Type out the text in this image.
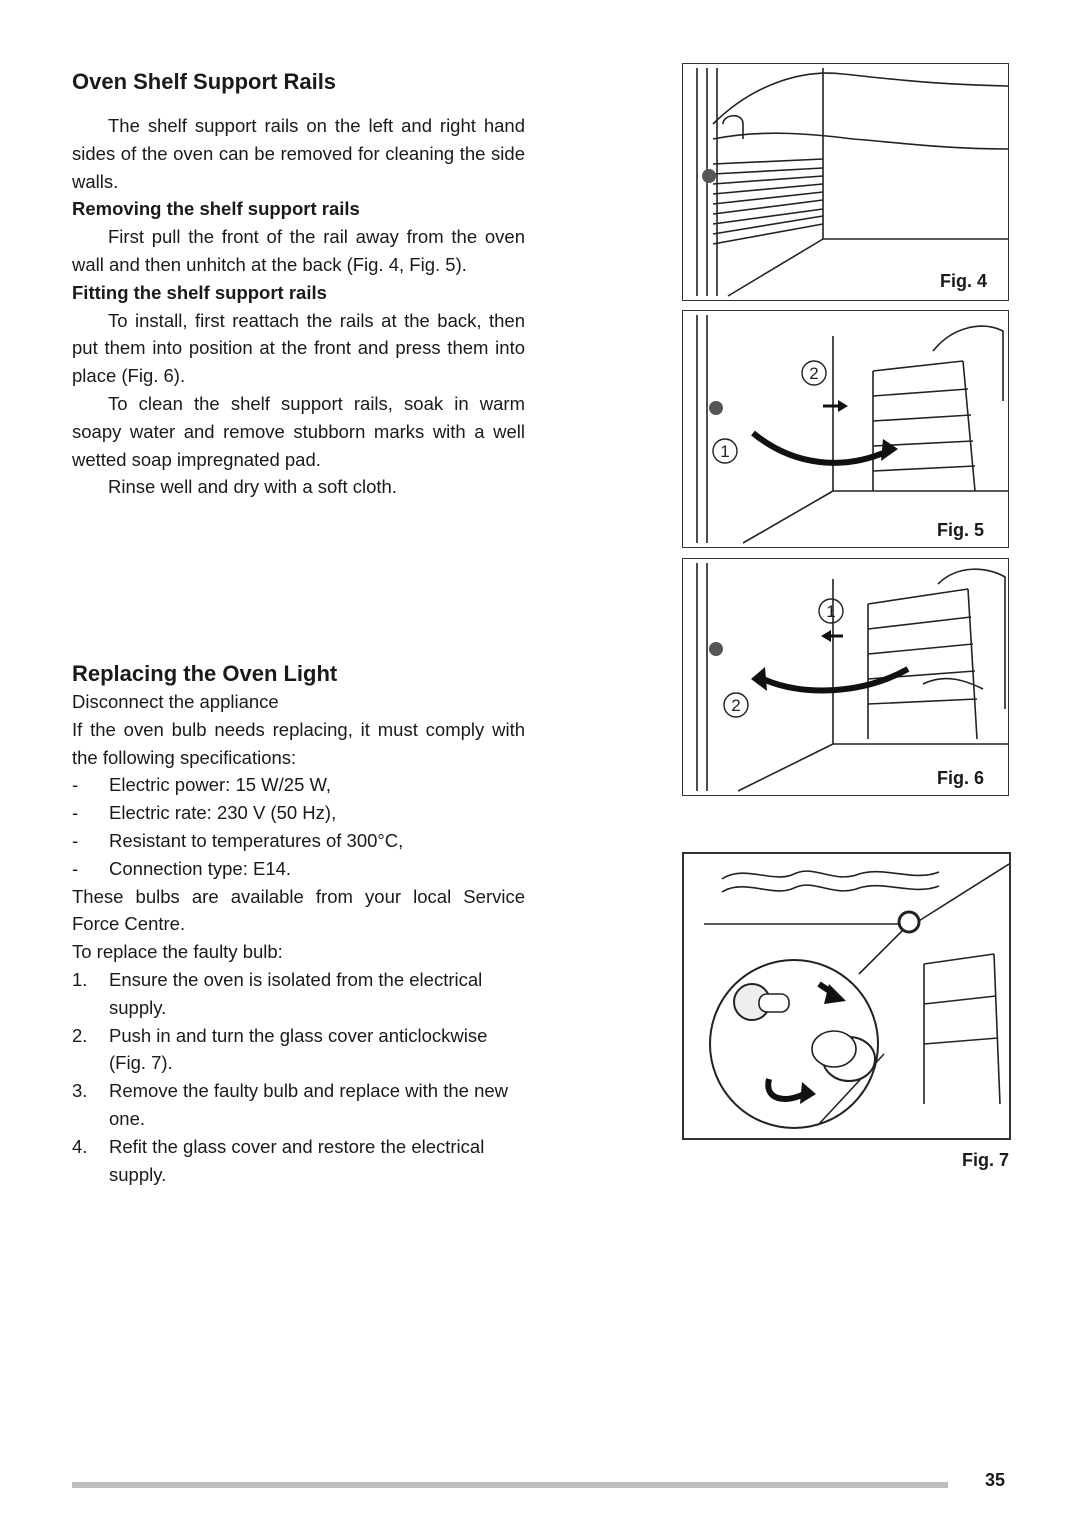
Oven Shelf Support Rails

The shelf support rails on the left and right hand sides of the oven can be removed for cleaning the side walls.

Removing the shelf support rails

First pull the front of the rail away from the oven wall and then unhitch at the back (Fig. 4, Fig. 5).

Fitting the shelf support rails

To install, first reattach the rails at the back, then put them into position at the front and press them into place (Fig. 6).

To clean the shelf support rails, soak in warm soapy water and remove stubborn marks with a well wetted soap impregnated pad.

Rinse well and dry with a soft cloth.

Replacing the Oven Light

Disconnect the appliance

If the oven bulb needs replacing, it must comply with the following specifications:

-	Electric power: 15 W/25 W,
-	Electric rate: 230 V (50 Hz),
-	Resistant to temperatures of 300°C,
-	Connection type: E14.

These bulbs are available from your local Service Force Centre.

To replace the faulty bulb:

1.	Ensure the oven is isolated from the electrical supply.
2.	Push in and turn the glass cover anticlockwise (Fig. 7).
3.	Remove the faulty bulb and replace with the new one.
4.	Refit the glass cover and restore the electrical supply.
Fig. 4
2
1
Fig. 5
1
2
Fig. 6
Fig. 7
35
